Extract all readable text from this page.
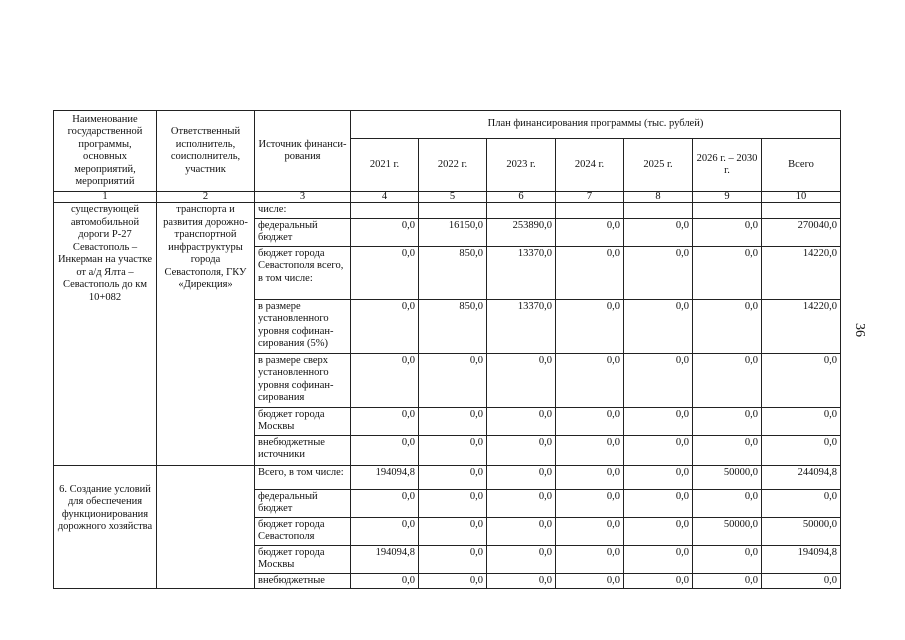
36
Наименование государственной программы, основных мероприятий, мероприятий	Ответственный исполнитель, соисполнитель, участник	Источник финанси-рования	План финансирования программы (тыс. рублей)						
			2021 г.	2022 г.	2023 г.	2024 г.	2025 г.	2026 г. – 2030 г.	Всего
1	2	3	4	5	6	7	8	9	10
существующей автомобильной дороги Р-27 Севастополь – Инкерман на участке от а/д Ялта – Севастополь до км 10+082	транспорта и развития дорожно-транспортной инфраструктуры города Севастополя, ГКУ «Дирекция»	числе:							
		федеральный бюджет	0,0	16150,0	253890,0	0,0	0,0	0,0	270040,0
		бюджет города Севастополя всего, в том числе:	0,0	850,0	13370,0	0,0	0,0	0,0	14220,0
		в размере установленного уровня софинан-сирования (5%)	0,0	850,0	13370,0	0,0	0,0	0,0	14220,0
		в размере сверх установленного уровня софинан-сирования	0,0	0,0	0,0	0,0	0,0	0,0	0,0
		бюджет города Москвы	0,0	0,0	0,0	0,0	0,0	0,0	0,0
		внебюджетные источники	0,0	0,0	0,0	0,0	0,0	0,0	0,0
6. Создание условий для обеспечения функционирования дорожного хозяйства		Всего, в том числе:	194094,8	0,0	0,0	0,0	0,0	50000,0	244094,8
		федеральный бюджет	0,0	0,0	0,0	0,0	0,0	0,0	0,0
		бюджет города Севастополя	0,0	0,0	0,0	0,0	0,0	50000,0	50000,0
		бюджет города Москвы	194094,8	0,0	0,0	0,0	0,0	0,0	194094,8
		внебюджетные	0,0	0,0	0,0	0,0	0,0	0,0	0,0
